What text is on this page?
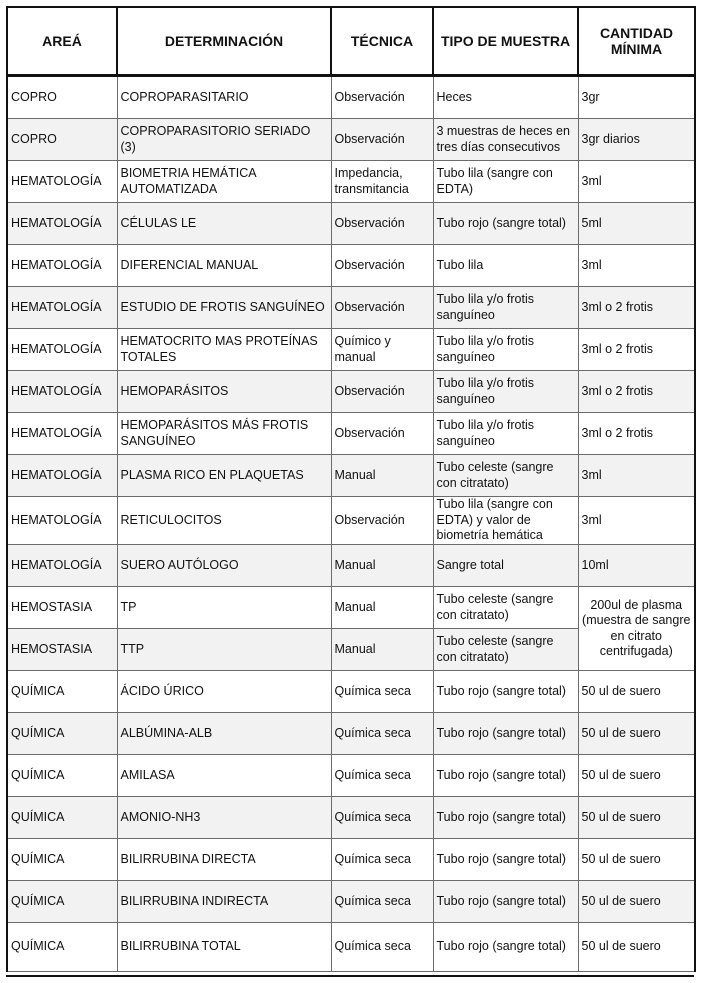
AREÁ	DETERMINACIÓN	TÉCNICA	TIPO DE MUESTRA	CANTIDAD MÍNIMA
COPRO	COPROPARASITARIO	Observación	Heces	3gr
COPRO	COPROPARASITORIO SERIADO (3)	Observación	3 muestras de heces en tres días consecutivos	3gr diarios
HEMATOLOGÍA	BIOMETRIA HEMÁTICA AUTOMATIZADA	Impedancia, transmitancia	Tubo lila (sangre con EDTA)	3ml
HEMATOLOGÍA	CÉLULAS LE	Observación	Tubo rojo (sangre total)	5ml
HEMATOLOGÍA	DIFERENCIAL MANUAL	Observación	Tubo lila	3ml
HEMATOLOGÍA	ESTUDIO DE FROTIS SANGUÍNEO	Observación	Tubo lila y/o frotis sanguíneo	3ml o 2 frotis
HEMATOLOGÍA	HEMATOCRITO MAS PROTEÍNAS TOTALES	Químico y manual	Tubo lila y/o frotis sanguíneo	3ml o 2 frotis
HEMATOLOGÍA	HEMOPARÁSITOS	Observación	Tubo lila y/o frotis sanguíneo	3ml o 2 frotis
HEMATOLOGÍA	HEMOPARÁSITOS MÁS FROTIS SANGUÍNEO	Observación	Tubo lila y/o frotis sanguíneo	3ml o 2 frotis
HEMATOLOGÍA	PLASMA RICO EN PLAQUETAS	Manual	Tubo celeste (sangre con citratato)	3ml
HEMATOLOGÍA	RETICULOCITOS	Observación	Tubo lila (sangre con EDTA) y valor de biometría hemática	3ml
HEMATOLOGÍA	SUERO AUTÓLOGO	Manual	Sangre total	10ml
HEMOSTASIA	TP	Manual	Tubo celeste (sangre con citratato)	200ul de plasma (muestra de sangre en citrato centrifugada)
HEMOSTASIA	TTP	Manual	Tubo celeste (sangre con citratato)	
QUÍMICA	ÁCIDO ÚRICO	Química seca	Tubo rojo (sangre total)	50 ul de suero
QUÍMICA	ALBÚMINA-ALB	Química seca	Tubo rojo (sangre total)	50 ul de suero
QUÍMICA	AMILASA	Química seca	Tubo rojo (sangre total)	50 ul de suero
QUÍMICA	AMONIO-NH3	Química seca	Tubo rojo (sangre total)	50 ul de suero
QUÍMICA	BILIRRUBINA DIRECTA	Química seca	Tubo rojo (sangre total)	50 ul de suero
QUÍMICA	BILIRRUBINA INDIRECTA	Química seca	Tubo rojo (sangre total)	50 ul de suero
QUÍMICA	BILIRRUBINA TOTAL	Química seca	Tubo rojo (sangre total)	50 ul de suero
